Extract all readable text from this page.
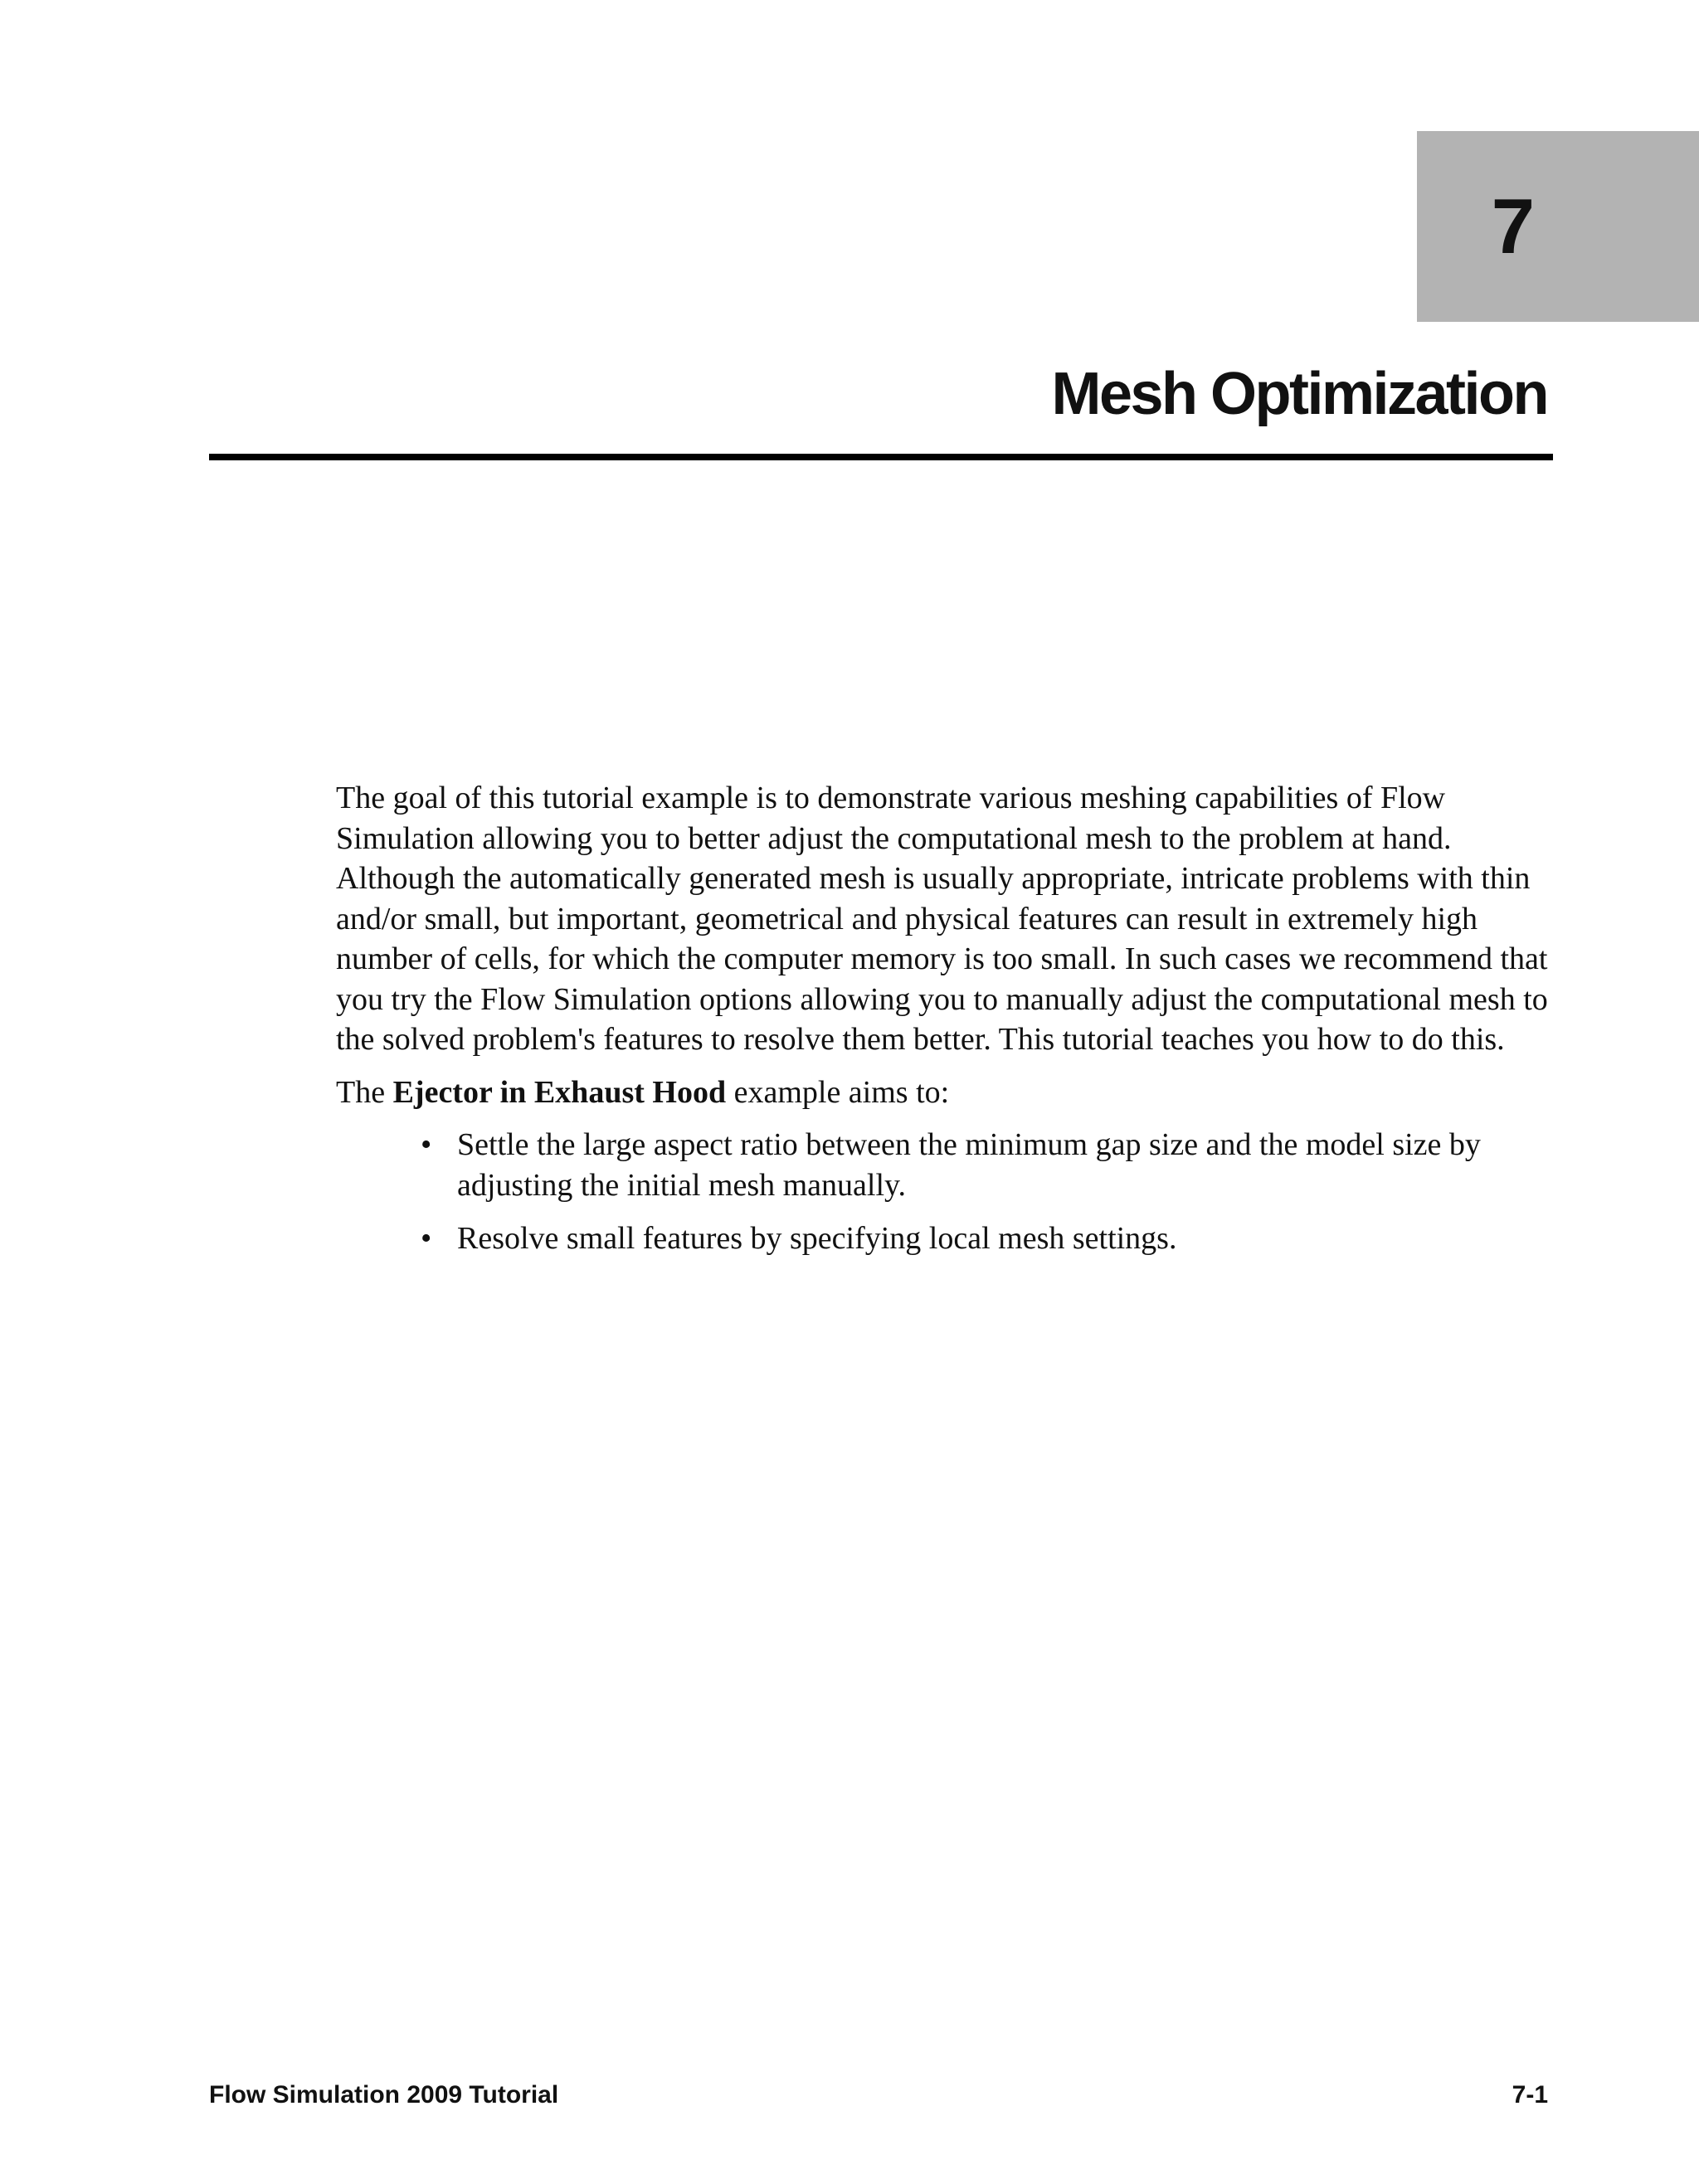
7
Mesh Optimization

The goal of this tutorial example is to demonstrate various meshing capabilities of Flow Simulation allowing you to better adjust the computational mesh to the problem at hand. Although the automatically generated mesh is usually appropriate, intricate problems with thin and/or small, but important, geometrical and physical features can result in extremely high number of cells, for which the computer memory is too small. In such cases we recommend that you try the Flow Simulation options allowing you to manually adjust the computational mesh to the solved problem's features to resolve them better. This tutorial teaches you how to do this.

The Ejector in Exhaust Hood example aims to:

• Settle the large aspect ratio between the minimum gap size and the model size by adjusting the initial mesh manually.
• Resolve small features by specifying local mesh settings.
Flow Simulation 2009 Tutorial	7-1
